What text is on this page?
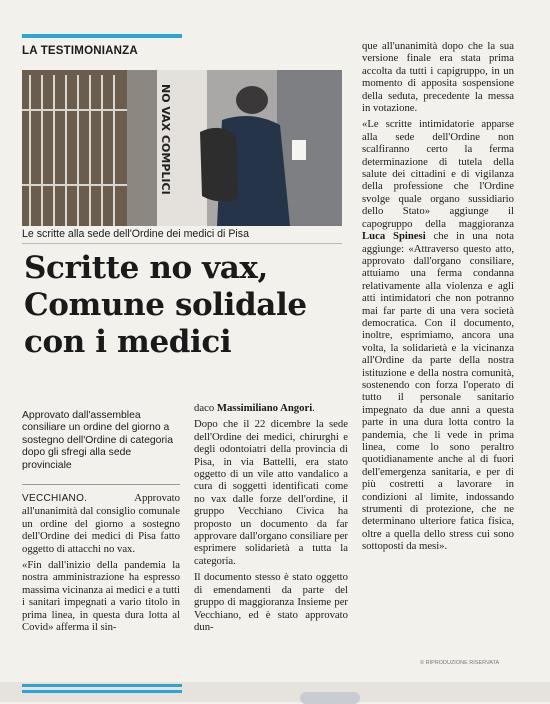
LA TESTIMONIANZA
NO VAX COMPLICI
Le scritte alla sede dell'Ordine dei medici di Pisa
Scritte no vax,
Comune solidale
con i medici
Approvato dall'assemblea consiliare un ordine del giorno a sostegno dell'Ordine di categoria dopo gli sfregi alla sede provinciale

VECCHIANO.	Approvato all'unanimità dal consiglio comunale un ordine del giorno a sostegno dell'Ordine dei medici di Pisa fatto oggetto di attacchi no vax.

«Fin dall'inizio della pandemia la nostra amministrazione ha espresso massima vicinanza ai medici e a tutti i sanitari impegnati a vario titolo in prima linea, in questa dura lotta al Covid» afferma il sin-

daco Massimiliano Angori.

Dopo che il 22 dicembre la sede dell'Ordine dei medici, chirurghi e degli odontoiatri della provincia di Pisa, in via Battelli, era stato oggetto di un vile atto vandalico a cura di soggetti identificati come no vax dalle forze dell'ordine, il gruppo Vecchiano Civica ha proposto un documento da far approvare dall'organo consiliare per esprimere solidarietà a tutta la categoria.

Il documento stesso è stato oggetto di emendamenti da parte del gruppo di maggioranza Insieme per Vecchiano, ed è stato approvato dun-

que all'unanimità dopo che la sua versione finale era stata prima accolta da tutti i capigruppo, in un momento di apposita sospensione della seduta, precedente la messa in votazione.

«Le scritte intimidatorie apparse alla sede dell'Ordine non scalfiranno certo la ferma determinazione di tutela della salute dei cittadini e di vigilanza della professione che l'Ordine svolge quale organo sussidiario dello Stato» aggiunge il capogruppo della maggioranza Luca Spinesi che in una nota aggiunge: «Attraverso questo atto, approvato dall'organo consiliare, attuiamo una ferma condanna relativamente alla violenza e agli atti intimidatori che non potranno mai far parte di una vera società democratica. Con il documento, inoltre, esprimiamo, ancora una volta, la solidarietà e la vicinanza all'Ordine da parte della nostra istituzione e della nostra comunità, sostenendo con forza l'operato di tutto il personale sanitario impegnato da due anni a questa parte in una dura lotta contro la pandemia, che li vede in prima linea, come lo sono peraltro quotidianamente anche al di fuori dell'emergenza sanitaria, e per di più costretti a lavorare in condizioni al limite, indossando strumenti di protezione, che ne determinano ulteriore fatica fisica, oltre a quella dello stress cui sono sottoposti da mesi».

© RIPRODUZIONE RISERVATA
